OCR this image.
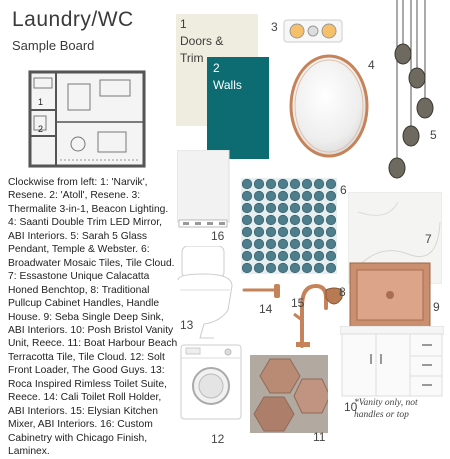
Laundry/WC
Sample Board
1
2
Clockwise from left: 1: 'Narvik', Resene. 2: 'Atoll', Resene. 3: Thermalite 3-in-1, Beacon Lighting. 4: Saanti Double Trim LED Mirror, ABI Interiors. 5: Sarah 5 Glass Pendant, Temple & Webster. 6: Broadwater Mosaic Tiles, Tile Cloud. 7: Essastone Unique Calacatta Honed Benchtop, 8: Traditional Pullcup Cabinet Handles, Handle House. 9: Seba Single Deep Sink, ABI Interiors. 10: Posh Bristol Vanity Unit, Reece. 11: Boat Harbour Beach Terracotta Tile, Tile Cloud. 12: Solt Front Loader, The Good Guys. 13: Roca Inspired Rimless Toilet Suite, Reece. 14: Cali Toilet Roll Holder, ABI Interiors. 15: Elysian Kitchen Mixer, ABI Interiors. 16: Custom Cabinetry with Chicago Finish, Laminex.
1
Doors &
Trim
2
Walls
3
4
5
16
6
7
13
14 15
8
9
10
*Vanity only, not handles or top
12	11
